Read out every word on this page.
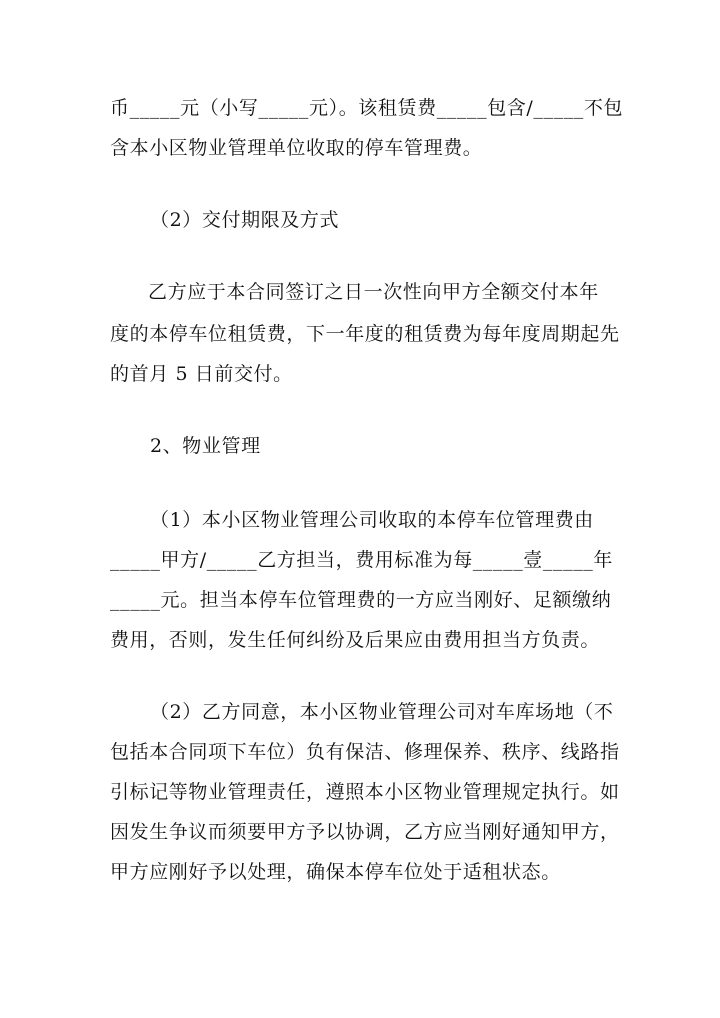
币_____元（小写_____元）。该租赁费_____包含/_____不包
含本小区物业管理单位收取的停车管理费。
（2）交付期限及方式
乙方应于本合同签订之日一次性向甲方全额交付本年
度的本停车位租赁费，下一年度的租赁费为每年度周期起先
的首月 5 日前交付。
2、物业管理
（1）本小区物业管理公司收取的本停车位管理费由
_____甲方/_____乙方担当，费用标准为每_____壹_____年
_____元。担当本停车位管理费的一方应当刚好、足额缴纳
费用，否则，发生任何纠纷及后果应由费用担当方负责。
（2）乙方同意，本小区物业管理公司对车库场地（不
包括本合同项下车位）负有保洁、修理保养、秩序、线路指
引标记等物业管理责任，遵照本小区物业管理规定执行。如
因发生争议而须要甲方予以协调，乙方应当刚好通知甲方，
甲方应刚好予以处理，确保本停车位处于适租状态。
